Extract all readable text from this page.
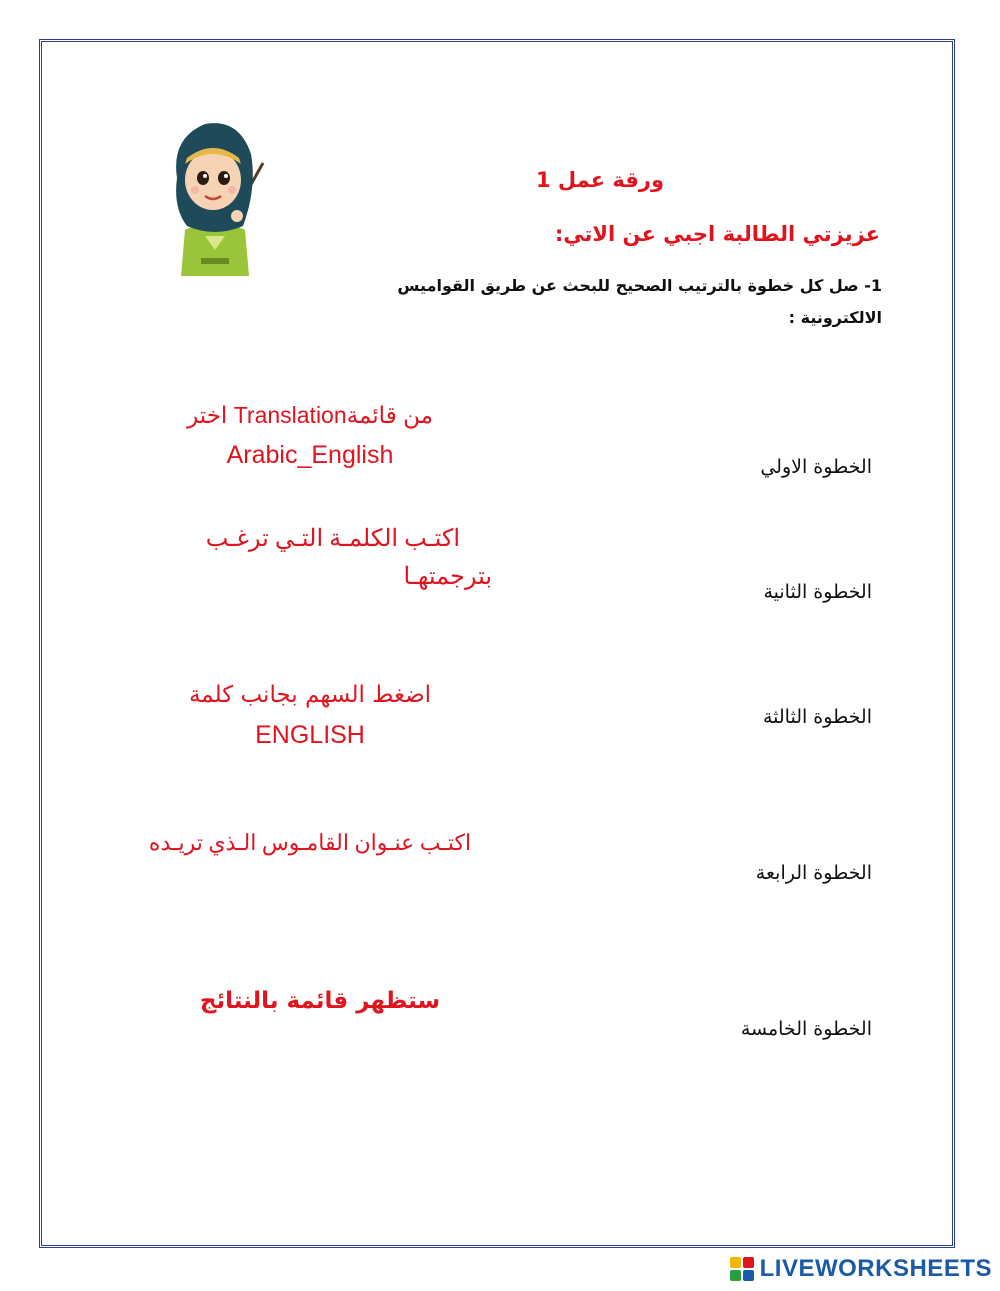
ورقة عمل 1
عزيزتي الطالبة اجبي عن الاتي:
1- صل كل خطوة بالترتيب الصحيح للبحث عن طريق القواميس
الالكترونية :
الخطوة الاولي
الخطوة الثانية
الخطوة الثالثة
الخطوة الرابعة
الخطوة الخامسة
من قائمةTranslation اختر
Arabic_English
اكتـب الكلمـة التـي ترغـب
بترجمتهـا
اضغط السهم بجانب كلمة
ENGLISH
اكتـب عنـوان القامـوس الـذي تريـده
ستظهر قائمة بالنتائج
LIVEWORKSHEETS
